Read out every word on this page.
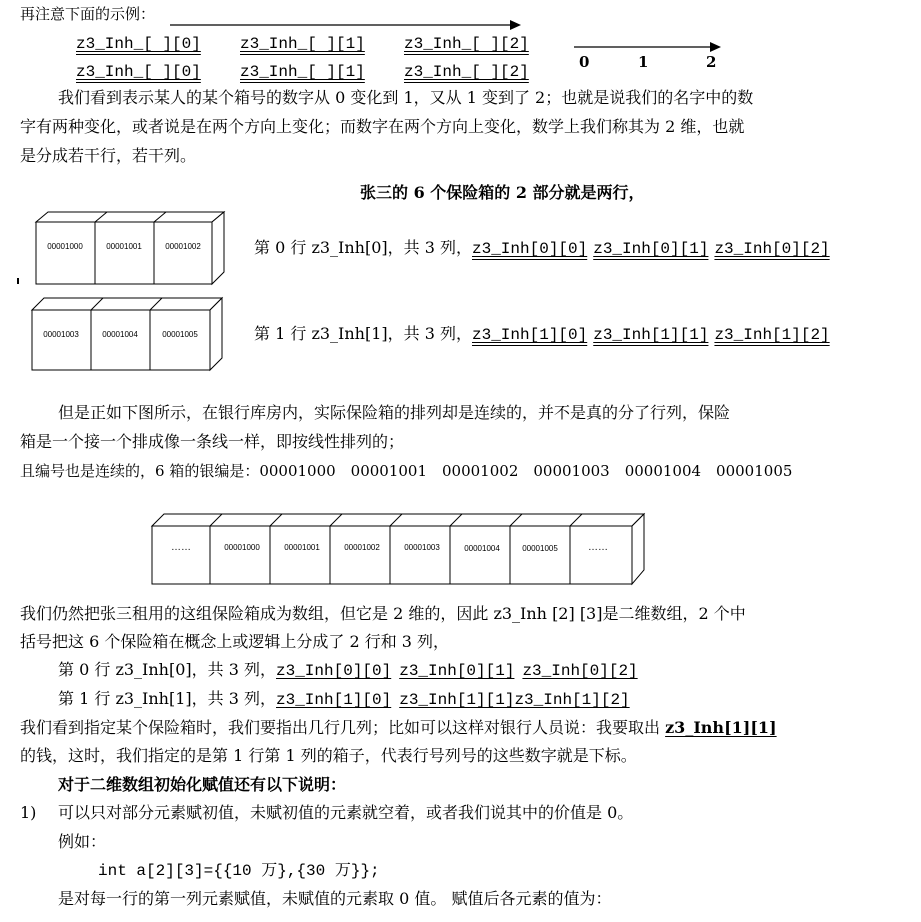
再注意下面的示例：
z3_Inh_[ ][0] z3_Inh_[ ][1] z3_Inh_[ ][2]
z3_Inh_[ ][0] z3_Inh_[ ][1] z3_Inh_[ ][2]
0	1	2
我们看到表示某人的某个箱号的数字从 0 变化到 1，又从 1 变到了 2；也就是说我们的名字中的数
字有两种变化，或者说是在两个方向上变化；而数字在两个方向上变化，数学上我们称其为 2 维，也就
是分成若干行，若干列。
张三的 6 个保险箱的 2 部分就是两行，
00001000	00001001	00001002	第 0 行 z3_Inh[0]，共 3 列，z3_Inh[0][0] z3_Inh[0][1] z3_Inh[0][2]
00001003	00001004	00001005	第 1 行 z3_Inh[1]，共 3 列，z3_Inh[1][0] z3_Inh[1][1] z3_Inh[1][2]
但是正如下图所示，在银行库房内，实际保险箱的排列却是连续的，并不是真的分了行列，保险
箱是一个接一个排成像一条线一样，即按线性排列的；
且编号也是连续的，6 箱的银编是：00001000　00001001　00001002　00001003　00001004　00001005
……	00001000	00001001	00001002	00001003	00001004	00001005	……
我们仍然把张三租用的这组保险箱成为数组，但它是 2 维的，因此 z3_Inh [2] [3]是二维数组，2 个中
括号把这 6 个保险箱在概念上或逻辑上分成了 2 行和 3 列，
第 0 行 z3_Inh[0]，共 3 列，z3_Inh[0][0] z3_Inh[0][1] z3_Inh[0][2]
第 1 行 z3_Inh[1]，共 3 列，z3_Inh[1][0] z3_Inh[1][1]z3_Inh[1][2]
我们看到指定某个保险箱时，我们要指出几行几列；比如可以这样对银行人员说：我要取出 z3_Inh[1][1]
的钱，这时，我们指定的是第 1 行第 1 列的箱子，代表行号列号的这些数字就是下标。
对于二维数组初始化赋值还有以下说明：
1) 可以只对部分元素赋初值，未赋初值的元素就空着，或者我们说其中的价值是 0。
例如：
int a[2][3]={{10 万},{30 万}};
是对每一行的第一列元素赋值，未赋值的元素取 0 值。 赋值后各元素的值为：
